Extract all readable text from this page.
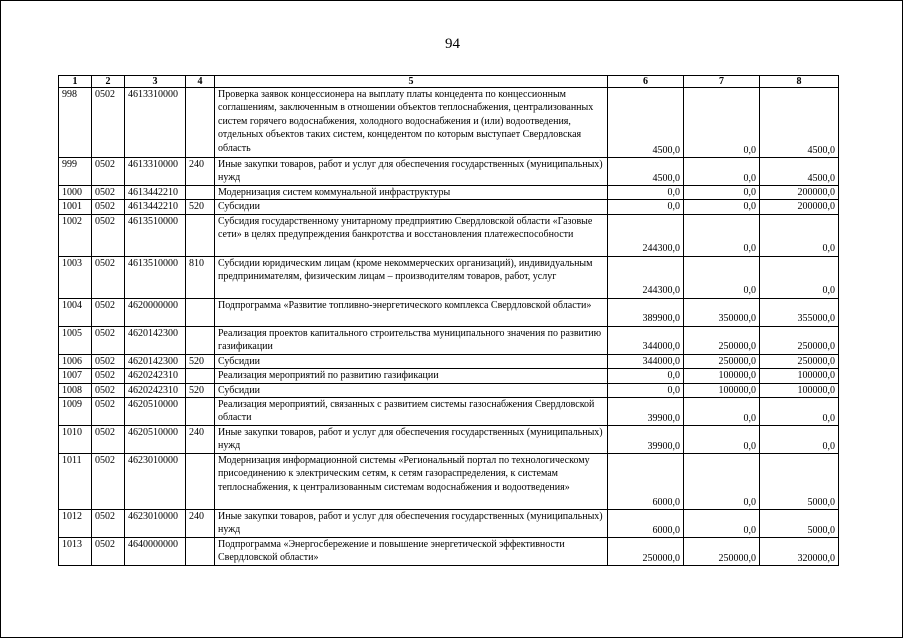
94
1	2	3	4	5	6	7	8
998	0502	4613310000		Проверка заявок концессионера на выплату платы концедента по концессионным соглашениям, заключенным в отношении объектов теплоснабжения, централизованных систем горячего водоснабжения, холодного водоснабжения и (или) водоотведения, отдельных объектов таких систем, концедентом по которым выступает Свердловская область	4500,0	0,0	4500,0
999	0502	4613310000	240	Иные закупки товаров, работ и услуг для обеспечения государственных (муниципальных) нужд	4500,0	0,0	4500,0
1000	0502	4613442210		Модернизация систем коммунальной инфраструктуры	0,0	0,0	200000,0
1001	0502	4613442210	520	Субсидии	0,0	0,0	200000,0
1002	0502	4613510000		Субсидия государственному унитарному предприятию Свердловской области «Газовые сети» в целях предупреждения банкротства и восстановления платежеспособности	244300,0	0,0	0,0
1003	0502	4613510000	810	Субсидии юридическим лицам (кроме некоммерческих организаций), индивидуальным предпринимателям, физическим лицам – производителям товаров, работ, услуг	244300,0	0,0	0,0
1004	0502	4620000000		Подпрограмма «Развитие топливно-энергетического комплекса Свердловской области»	389900,0	350000,0	355000,0
1005	0502	4620142300		Реализация проектов капитального строительства муниципального значения по развитию газификации	344000,0	250000,0	250000,0
1006	0502	4620142300	520	Субсидии	344000,0	250000,0	250000,0
1007	0502	4620242310		Реализация мероприятий по развитию газификации	0,0	100000,0	100000,0
1008	0502	4620242310	520	Субсидии	0,0	100000,0	100000,0
1009	0502	4620510000		Реализация мероприятий, связанных с развитием системы газоснабжения Свердловской области	39900,0	0,0	0,0
1010	0502	4620510000	240	Иные закупки товаров, работ и услуг для обеспечения государственных (муниципальных) нужд	39900,0	0,0	0,0
1011	0502	4623010000		Модернизация информационной системы «Региональный портал по технологическому присоединению к электрическим сетям, к сетям газораспределения, к системам теплоснабжения, к централизованным системам водоснабжения и водоотведения»	6000,0	0,0	5000,0
1012	0502	4623010000	240	Иные закупки товаров, работ и услуг для обеспечения государственных (муниципальных) нужд	6000,0	0,0	5000,0
1013	0502	4640000000		Подпрограмма «Энергосбережение и повышение энергетической эффективности Свердловской области»	250000,0	250000,0	320000,0
